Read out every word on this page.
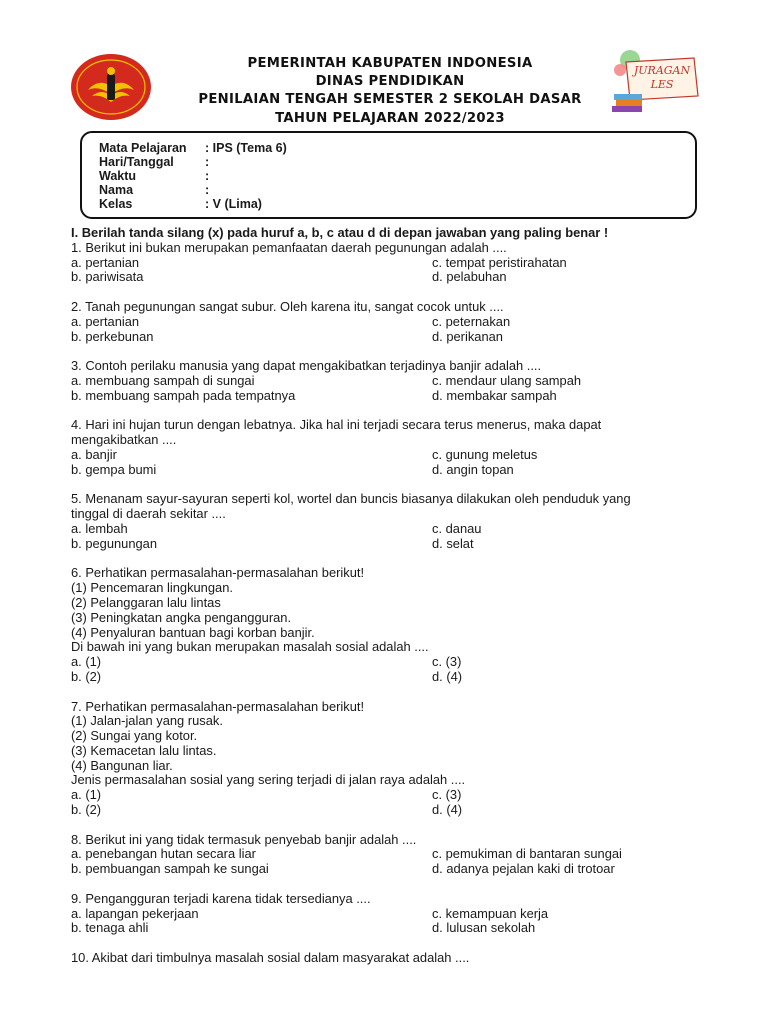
PEMERINTAH KABUPATEN INDONESIA
DINAS PENDIDIKAN
PENILAIAN TENGAH SEMESTER 2 SEKOLAH DASAR
TAHUN PELAJARAN 2022/2023
JURAGAN
LES
Mata Pelajaran : IPS (Tema 6)
Hari/Tanggal :
Waktu	:
Nama	:
Kelas	: V (Lima)
I. Berilah tanda silang (x) pada huruf a, b, c atau d di depan jawaban yang paling benar !
1. Berikut ini bukan merupakan pemanfaatan daerah pegunungan adalah ....
a. pertanian	c. tempat peristirahatan
b. pariwisata	d. pelabuhan
2. Tanah pegunungan sangat subur. Oleh karena itu, sangat cocok untuk ....
a. pertanian	c. peternakan
b. perkebunan	d. perikanan
3. Contoh perilaku manusia yang dapat mengakibatkan terjadinya banjir adalah ....
a. membuang sampah di sungai	c. mendaur ulang sampah
b. membuang sampah pada tempatnya	d. membakar sampah
4. Hari ini hujan turun dengan lebatnya. Jika hal ini terjadi secara terus menerus, maka dapat
mengakibatkan ....
a. banjir	c. gunung meletus
b. gempa bumi	d. angin topan
5. Menanam sayur-sayuran seperti kol, wortel dan buncis biasanya dilakukan oleh penduduk yang
tinggal di daerah sekitar ....
a. lembah	c. danau
b. pegunungan	d. selat
6. Perhatikan permasalahan-permasalahan berikut!
(1) Pencemaran lingkungan.
(2) Pelanggaran lalu lintas
(3) Peningkatan angka pengangguran.
(4) Penyaluran bantuan bagi korban banjir.
Di bawah ini yang bukan merupakan masalah sosial adalah ....
a. (1)	c. (3)
b. (2)	d. (4)
7. Perhatikan permasalahan-permasalahan berikut!
(1) Jalan-jalan yang rusak.
(2) Sungai yang kotor.
(3) Kemacetan lalu lintas.
(4) Bangunan liar.
Jenis permasalahan sosial yang sering terjadi di jalan raya adalah ....
a. (1)	c. (3)
b. (2)	d. (4)
8. Berikut ini yang tidak termasuk penyebab banjir adalah ....
a. penebangan hutan secara liar	c. pemukiman di bantaran sungai
b. pembuangan sampah ke sungai	d. adanya pejalan kaki di trotoar
9. Pengangguran terjadi karena tidak tersedianya ....
a. lapangan pekerjaan	c. kemampuan kerja
b. tenaga ahli	d. lulusan sekolah
10. Akibat dari timbulnya masalah sosial dalam masyarakat adalah ....
